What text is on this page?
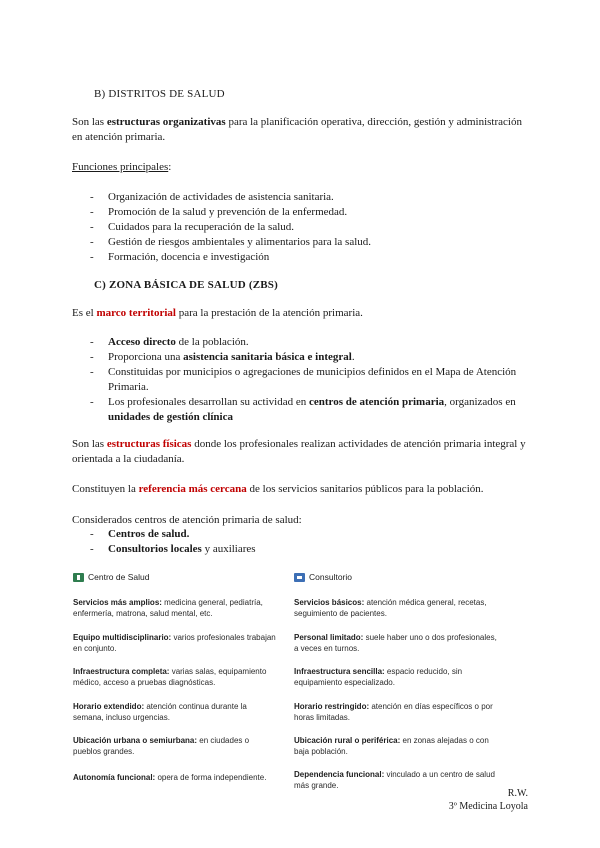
B) DISTRITOS DE SALUD
Son las estructuras organizativas para la planificación operativa, dirección, gestión y administración en atención primaria.
Funciones principales:
- Organización de actividades de asistencia sanitaria.
- Promoción de la salud y prevención de la enfermedad.
- Cuidados para la recuperación de la salud.
- Gestión de riesgos ambientales y alimentarios para la salud.
- Formación, docencia e investigación
C) ZONA BÁSICA DE SALUD (ZBS)
Es el marco territorial para la prestación de la atención primaria.
- Acceso directo de la población.
- Proporciona una asistencia sanitaria básica e integral.
- Constituidas por municipios o agregaciones de municipios definidos en el Mapa de Atención Primaria.
- Los profesionales desarrollan su actividad en centros de atención primaria, organizados en unidades de gestión clínica
Son las estructuras físicas donde los profesionales realizan actividades de atención primaria integral y orientada a la ciudadanía.
Constituyen la referencia más cercana de los servicios sanitarios públicos para la población.
Considerados centros de atención primaria de salud:
- Centros de salud.
- Consultorios locales y auxiliares
Centro de Salud
Servicios más amplios: medicina general, pediatría, enfermería, matrona, salud mental, etc.
Equipo multidisciplinario: varios profesionales trabajan en conjunto.
Infraestructura completa: varias salas, equipamiento médico, acceso a pruebas diagnósticas.
Horario extendido: atención continua durante la semana, incluso urgencias.
Ubicación urbana o semiurbana: en ciudades o pueblos grandes.
Autonomía funcional: opera de forma independiente.
Consultorio
Servicios básicos: atención médica general, recetas, seguimiento de pacientes.
Personal limitado: suele haber uno o dos profesionales, a veces en turnos.
Infraestructura sencilla: espacio reducido, sin equipamiento especializado.
Horario restringido: atención en días específicos o por horas limitadas.
Ubicación rural o periférica: en zonas alejadas o con baja población.
Dependencia funcional: vinculado a un centro de salud más grande.
R.W.
3º Medicina Loyola
